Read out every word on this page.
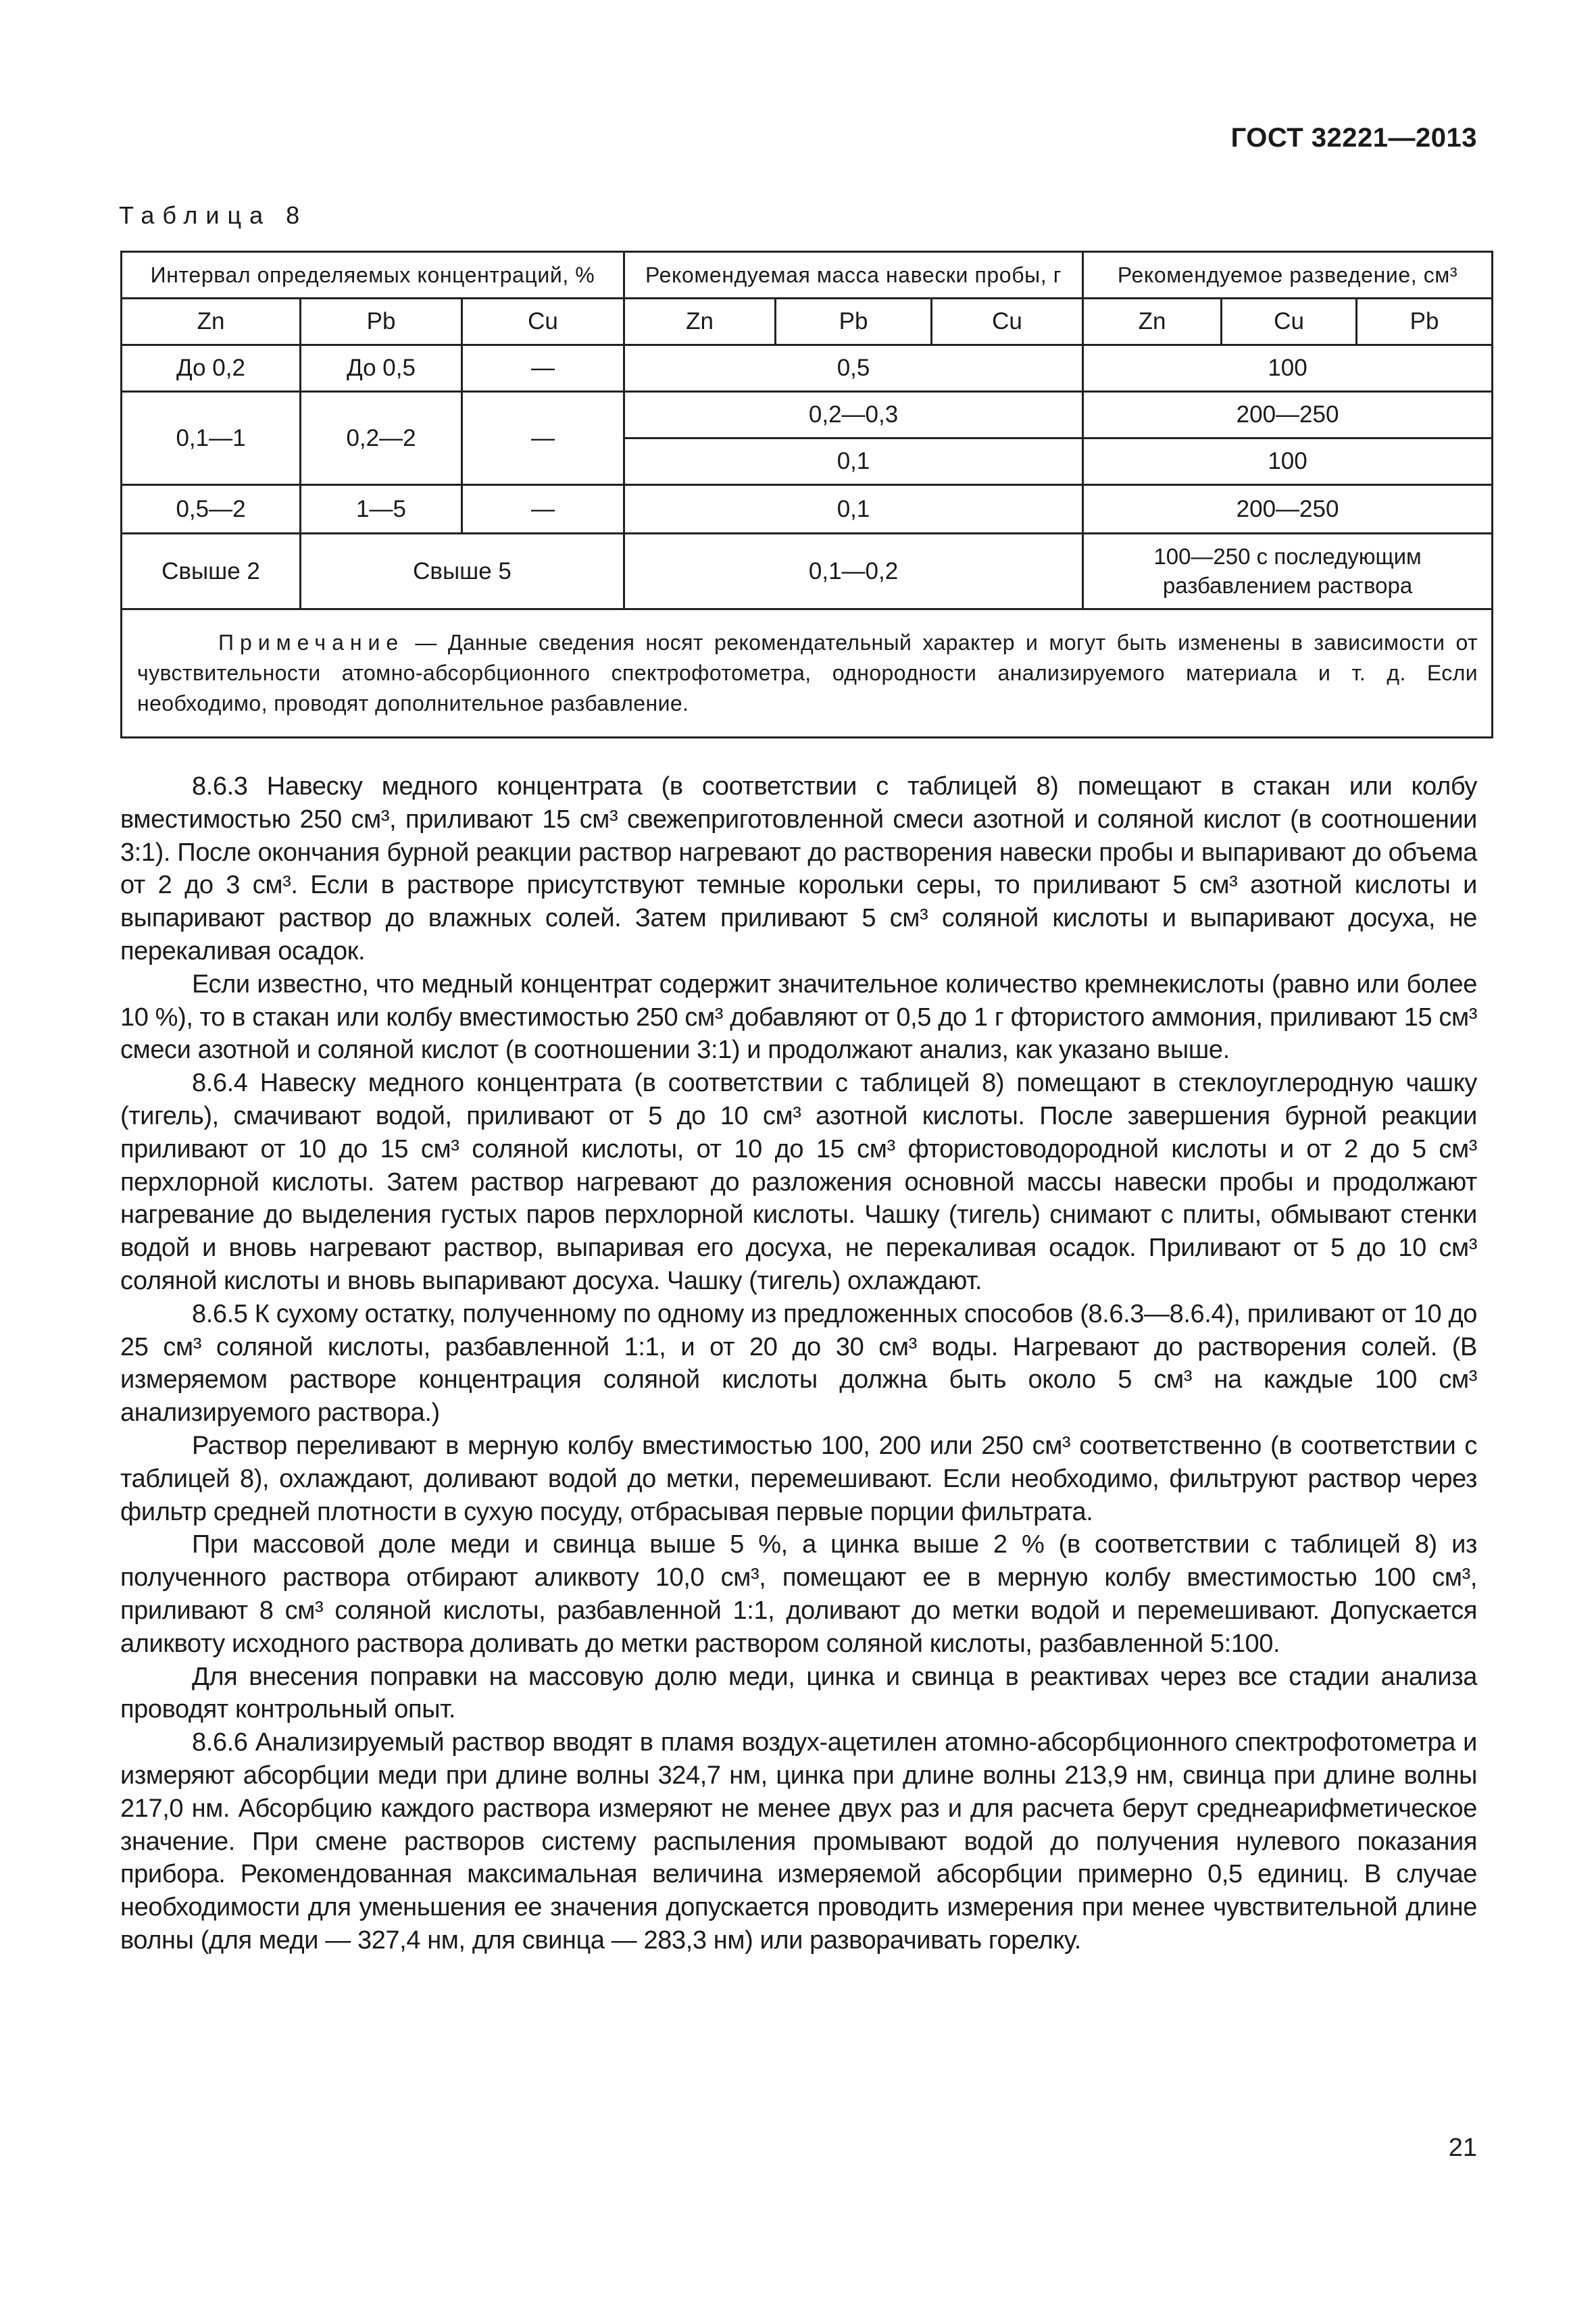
ГОСТ 32221—2013
Таблица 8
Интервал определяемых концентраций, %			Рекомендуемая масса навески пробы, г			Рекомендуемое разведение, см³		
Zn	Pb	Cu	Zn	Pb	Cu	Zn	Cu	Pb
До 0,2	До 0,5	—	0,5			100		
0,1—1	0,2—2	—	0,2—0,3			200—250		
			0,1			100		
0,5—2	1—5	—	0,1			200—250		
Свыше 2	Свыше 5		0,1—0,2			100—250 с последующим разбавлением раствора		
Примечание — Данные сведения носят рекомендательный характер и могут быть изменены в зависимости от чувствительности атомно-абсорбционного спектрофотометра, однородности анализируемого материала и т. д. Если необходимо, проводят дополнительное разбавление.								

8.6.3 Навеску медного концентрата (в соответствии с таблицей 8) помещают в стакан или колбу вместимостью 250 см³, приливают 15 см³ свежеприготовленной смеси азотной и соляной кислот (в соотношении 3:1). После окончания бурной реакции раствор нагревают до растворения навески пробы и выпаривают до объема от 2 до 3 см³. Если в растворе присутствуют темные корольки серы, то приливают 5 см³ азотной кислоты и выпаривают раствор до влажных солей. Затем приливают 5 см³ соляной кислоты и выпаривают досуха, не перекаливая осадок.

Если известно, что медный концентрат содержит значительное количество кремнекислоты (равно или более 10 %), то в стакан или колбу вместимостью 250 см³ добавляют от 0,5 до 1 г фтористого аммония, приливают 15 см³ смеси азотной и соляной кислот (в соотношении 3:1) и продолжают анализ, как указано выше.

8.6.4 Навеску медного концентрата (в соответствии с таблицей 8) помещают в стеклоуглеродную чашку (тигель), смачивают водой, приливают от 5 до 10 см³ азотной кислоты. После завершения бурной реакции приливают от 10 до 15 см³ соляной кислоты, от 10 до 15 см³ фтористоводородной кислоты и от 2 до 5 см³ перхлорной кислоты. Затем раствор нагревают до разложения основной массы навески пробы и продолжают нагревание до выделения густых паров перхлорной кислоты. Чашку (тигель) снимают с плиты, обмывают стенки водой и вновь нагревают раствор, выпаривая его досуха, не перекаливая осадок. Приливают от 5 до 10 см³ соляной кислоты и вновь выпаривают досуха. Чашку (тигель) охлаждают.

8.6.5 К сухому остатку, полученному по одному из предложенных способов (8.6.3—8.6.4), приливают от 10 до 25 см³ соляной кислоты, разбавленной 1:1, и от 20 до 30 см³ воды. Нагревают до растворения солей. (В измеряемом растворе концентрация соляной кислоты должна быть около 5 см³ на каждые 100 см³ анализируемого раствора.)

Раствор переливают в мерную колбу вместимостью 100, 200 или 250 см³ соответственно (в соответствии с таблицей 8), охлаждают, доливают водой до метки, перемешивают. Если необходимо, фильтруют раствор через фильтр средней плотности в сухую посуду, отбрасывая первые порции фильтрата.

При массовой доле меди и свинца выше 5 %, а цинка выше 2 % (в соответствии с таблицей 8) из полученного раствора отбирают аликвоту 10,0 см³, помещают ее в мерную колбу вместимостью 100 см³, приливают 8 см³ соляной кислоты, разбавленной 1:1, доливают до метки водой и перемешивают. Допускается аликвоту исходного раствора доливать до метки раствором соляной кислоты, разбавленной 5:100.

Для внесения поправки на массовую долю меди, цинка и свинца в реактивах через все стадии анализа проводят контрольный опыт.

8.6.6 Анализируемый раствор вводят в пламя воздух-ацетилен атомно-абсорбционного спектрофотометра и измеряют абсорбции меди при длине волны 324,7 нм, цинка при длине волны 213,9 нм, свинца при длине волны 217,0 нм. Абсорбцию каждого раствора измеряют не менее двух раз и для расчета берут среднеарифметическое значение. При смене растворов систему распыления промывают водой до получения нулевого показания прибора. Рекомендованная максимальная величина измеряемой абсорбции примерно 0,5 единиц. В случае необходимости для уменьшения ее значения допускается проводить измерения при менее чувствительной длине волны (для меди — 327,4 нм, для свинца — 283,3 нм) или разворачивать горелку.

21
